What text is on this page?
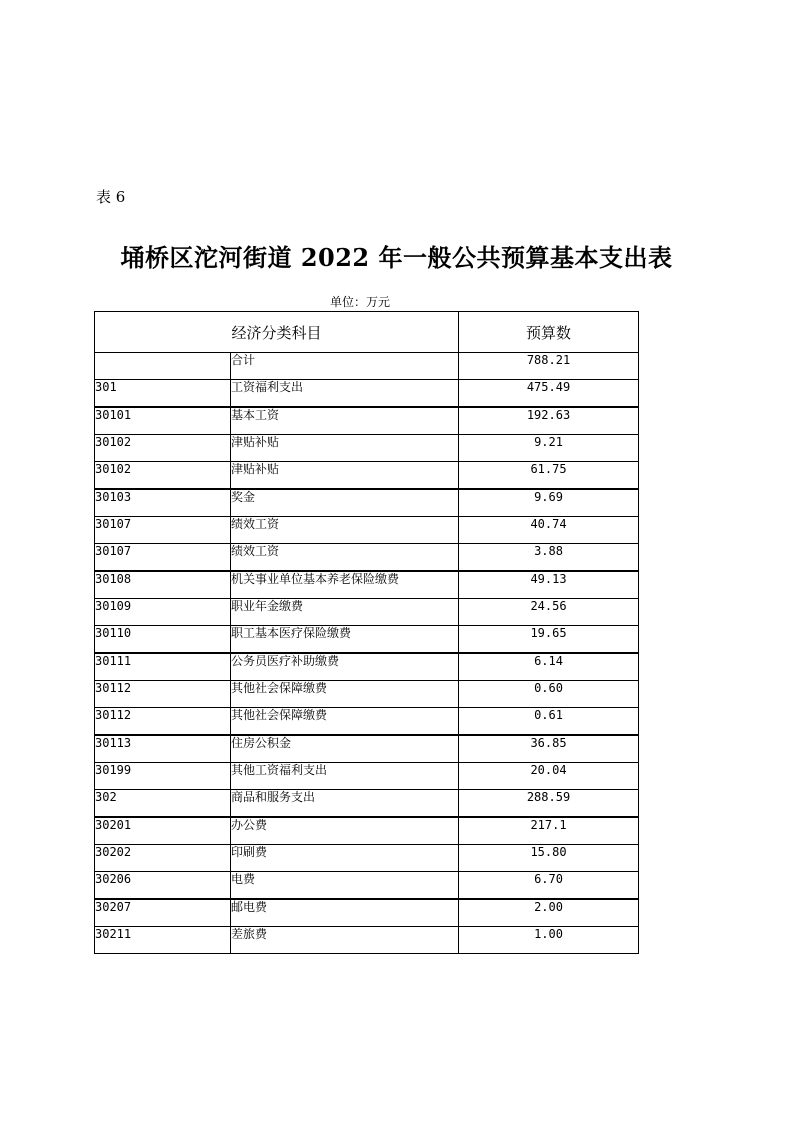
表 6
埇桥区沱河街道 2022 年一般公共预算基本支出表
单位：万元
经济分类科目		预算数
	合计	788.21
301	工资福利支出	475.49
30101	基本工资	192.63
30102	津贴补贴	9.21
30102	津贴补贴	61.75
30103	奖金	9.69
30107	绩效工资	40.74
30107	绩效工资	3.88
30108	机关事业单位基本养老保险缴费	49.13
30109	职业年金缴费	24.56
30110	职工基本医疗保险缴费	19.65
30111	公务员医疗补助缴费	6.14
30112	其他社会保障缴费	0.60
30112	其他社会保障缴费	0.61
30113	住房公积金	36.85
30199	其他工资福利支出	20.04
302	商品和服务支出	288.59
30201	办公费	217.1
30202	印刷费	15.80
30206	电费	6.70
30207	邮电费	2.00
30211	差旅费	1.00
